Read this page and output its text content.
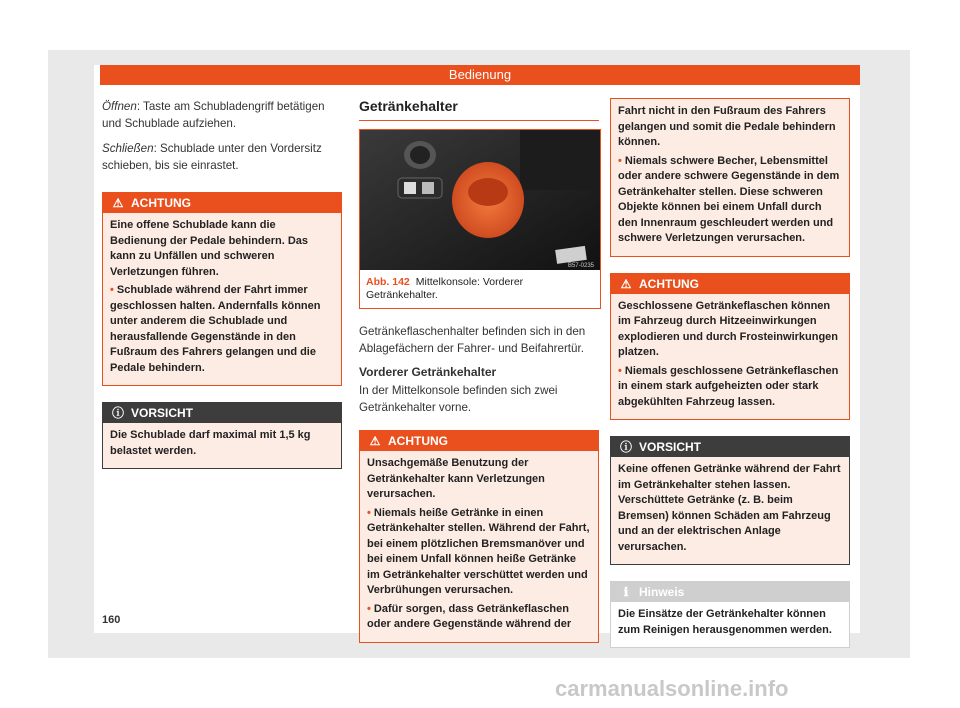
Bedienung

Öffnen: Taste am Schubladengriff betätigen und Schublade aufziehen.

Schließen: Schublade unter den Vordersitz schieben, bis sie einrastet.

⚠ ACHTUNG

Eine offene Schublade kann die Bedienung der Pedale behindern. Das kann zu Unfällen und schweren Verletzungen führen.

• Schublade während der Fahrt immer geschlossen halten. Andernfalls können unter anderem die Schublade und herausfallende Gegenstände in den Fußraum des Fahrers gelangen und die Pedale behindern.

ⓘ VORSICHT

Die Schublade darf maximal mit 1,5 kg belastet werden.

Getränkehalter
B57-0235
Abb. 142 Mittelkonsole: Vorderer Getränkehalter.

Getränkeflaschenhalter befinden sich in den Ablagefächern der Fahrer- und Beifahrertür.

Vorderer Getränkehalter

In der Mittelkonsole befinden sich zwei Getränkehalter vorne.

⚠ ACHTUNG

Unsachgemäße Benutzung der Getränkehalter kann Verletzungen verursachen.

• Niemals heiße Getränke in einen Getränkehalter stellen. Während der Fahrt, bei einem plötzlichen Bremsmanöver und bei einem Unfall können heiße Getränke im Getränkehalter verschüttet werden und Verbrühungen verursachen.

• Dafür sorgen, dass Getränkeflaschen oder andere Gegenstände während der

Fahrt nicht in den Fußraum des Fahrers gelangen und somit die Pedale behindern können.

• Niemals schwere Becher, Lebensmittel oder andere schwere Gegenstände in dem Getränkehalter stellen. Diese schweren Objekte können bei einem Unfall durch den Innenraum geschleudert werden und schwere Verletzungen verursachen.

⚠ ACHTUNG

Geschlossene Getränkeflaschen können im Fahrzeug durch Hitzeeinwirkungen explodieren und durch Frosteinwirkungen platzen.

• Niemals geschlossene Getränkeflaschen in einem stark aufgeheizten oder stark abgekühlten Fahrzeug lassen.

ⓘ VORSICHT

Keine offenen Getränke während der Fahrt im Getränkehalter stehen lassen. Verschüttete Getränke (z. B. beim Bremsen) können Schäden am Fahrzeug und an der elektrischen Anlage verursachen.

ℹ Hinweis

Die Einsätze der Getränkehalter können zum Reinigen herausgenommen werden.

160
carmanualsonline.info
